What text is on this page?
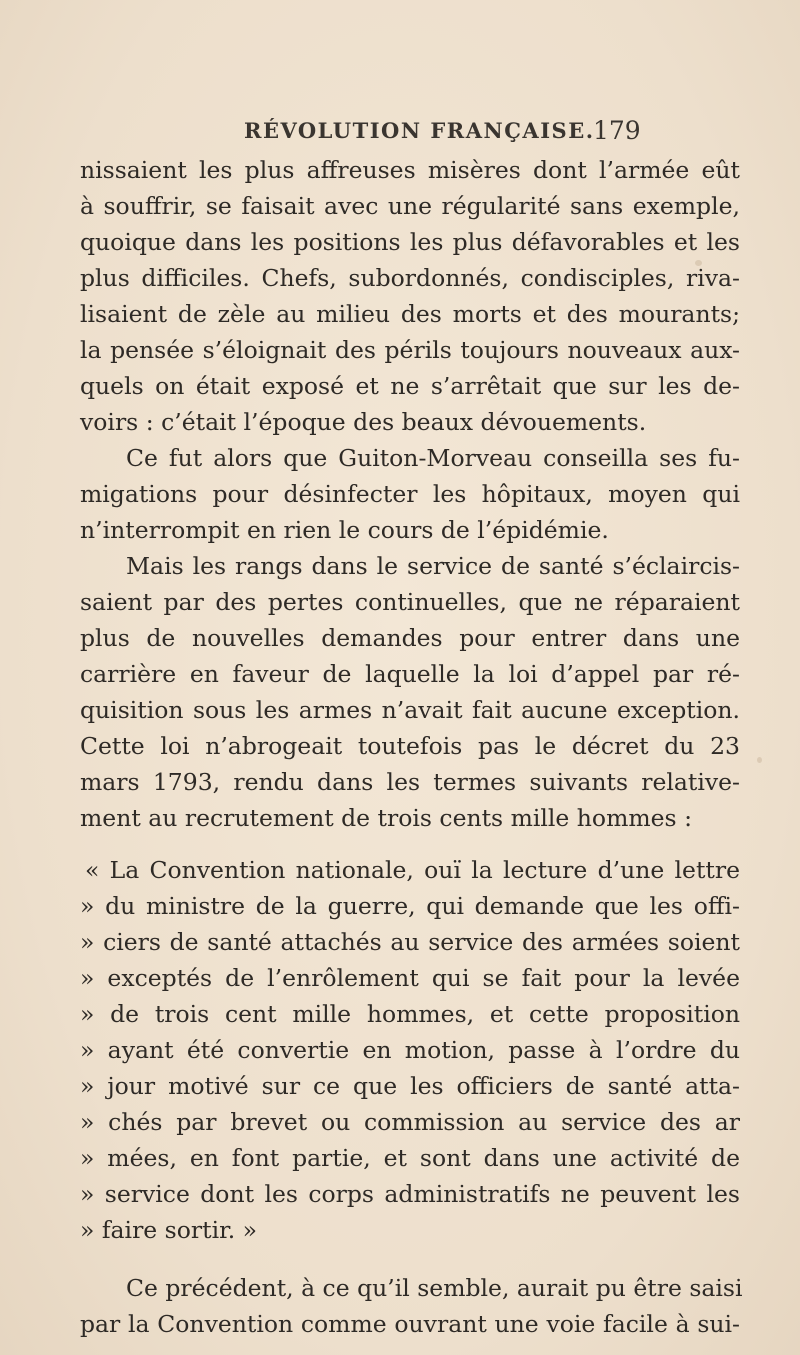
RÉVOLUTION FRANÇAISE.
179
nissaient les plus affreuses misères dont l’armée eût
à souffrir, se faisait avec une régularité sans exemple,
quoique dans les positions les plus défavorables et les
plus difficiles. Chefs, subordonnés, condisciples, riva-
lisaient de zèle au milieu des morts et des mourants;
la pensée s’éloignait des périls toujours nouveaux aux-
quels on était exposé et ne s’arrêtait que sur les de-
voirs : c’était l’époque des beaux dévouements.
Ce fut alors que Guiton-Morveau conseilla ses fu-
migations pour désinfecter les hôpitaux, moyen qui
n’interrompit en rien le cours de l’épidémie.
Mais les rangs dans le service de santé s’éclaircis-
saient par des pertes continuelles, que ne réparaient
plus de nouvelles demandes pour entrer dans une
carrière en faveur de laquelle la loi d’appel par ré-
quisition sous les armes n’avait fait aucune exception.
Cette loi n’abrogeait toutefois pas le décret du 23
mars 1793, rendu dans les termes suivants relative-
ment au recrutement de trois cents mille hommes :
« La Convention nationale, ouï la lecture d’une lettre
» du ministre de la guerre, qui demande que les offi-
» ciers de santé attachés au service des armées soient
» exceptés de l’enrôlement qui se fait pour la levée
» de trois cent mille hommes, et cette proposition
» ayant été convertie en motion, passe à l’ordre du
» jour motivé sur ce que les officiers de santé atta-
» chés par brevet ou commission au service des ar
» mées, en font partie, et sont dans une activité de
» service dont les corps administratifs ne peuvent les
» faire sortir. »
Ce précédent, à ce qu’il semble, aurait pu être saisi
par la Convention comme ouvrant une voie facile à sui-
